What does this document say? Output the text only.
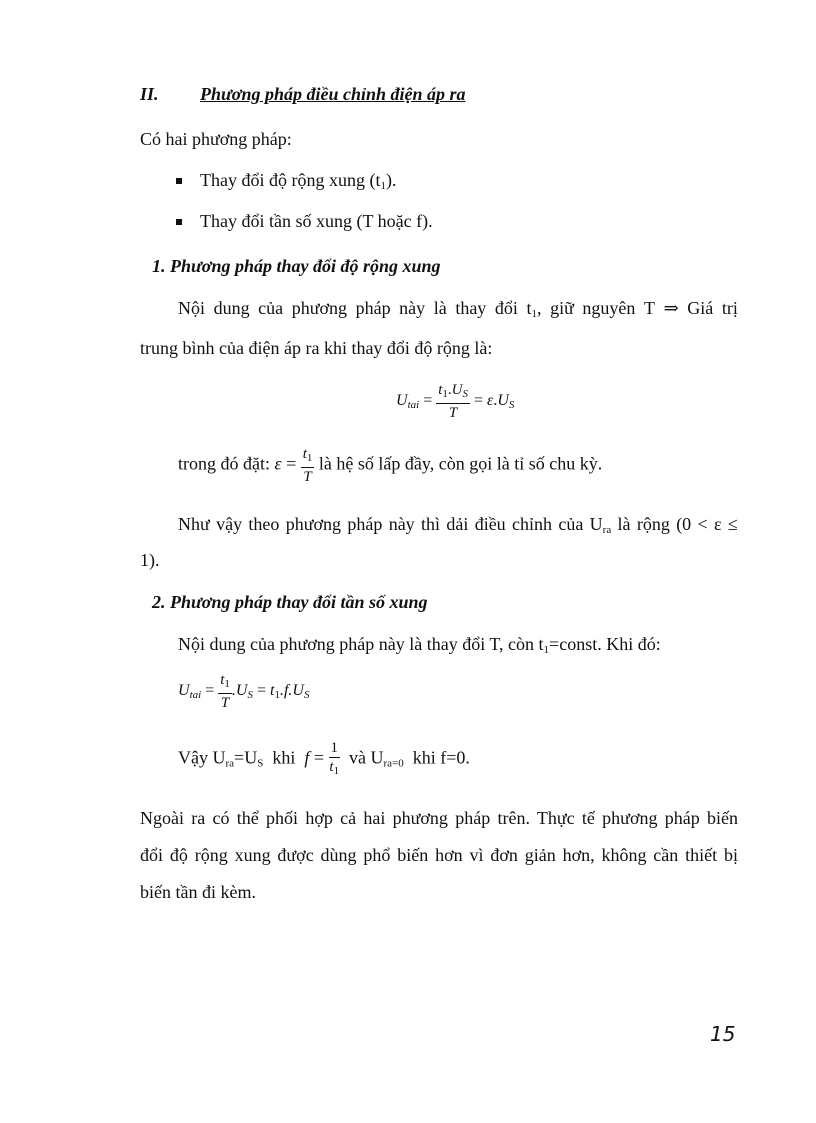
II. Phương pháp điều chỉnh điện áp ra
Có hai phương pháp:
Thay đổi độ rộng xung $(t_1)$.
Thay đổi tần số xung (T hoặc f).
1. Phương pháp thay đổi độ rộng xung
Nội dung của phương pháp này là thay đổi $t_1$, giữ nguyên T ⇒ Giá trị
trung bình của điện áp ra khi thay đổi độ rộng là:
$U_{tai} = \frac{t_1.U_S}{T} = \varepsilon.U_S$
trong đó đặt: $\varepsilon = \frac{t_1}{T}$ là hệ số lấp đầy, còn gọi là tỉ số chu kỳ.
Như vậy theo phương pháp này thì dải điều chỉnh của $U_{ra}$ là rộng (0 < ε ≤
1).
2. Phương pháp thay đổi tần số xung
Nội dung của phương pháp này là thay đổi T, còn $t_1=const$. Khi đó:
$U_{tai} = \frac{t_1}{T} .U_S = t_1.f.U_S$
Vậy $U_{ra}=U_S$  khi  $f = \frac{1}{t_1}$ và $U_{ra=0}$  khi f=0.
Ngoài ra có thể phối hợp cả hai phương pháp trên. Thực tế phương pháp biến
đổi độ rộng xung được dùng phổ biến hơn vì đơn giản hơn, không cần thiết bị
biến tần đi kèm.
15
